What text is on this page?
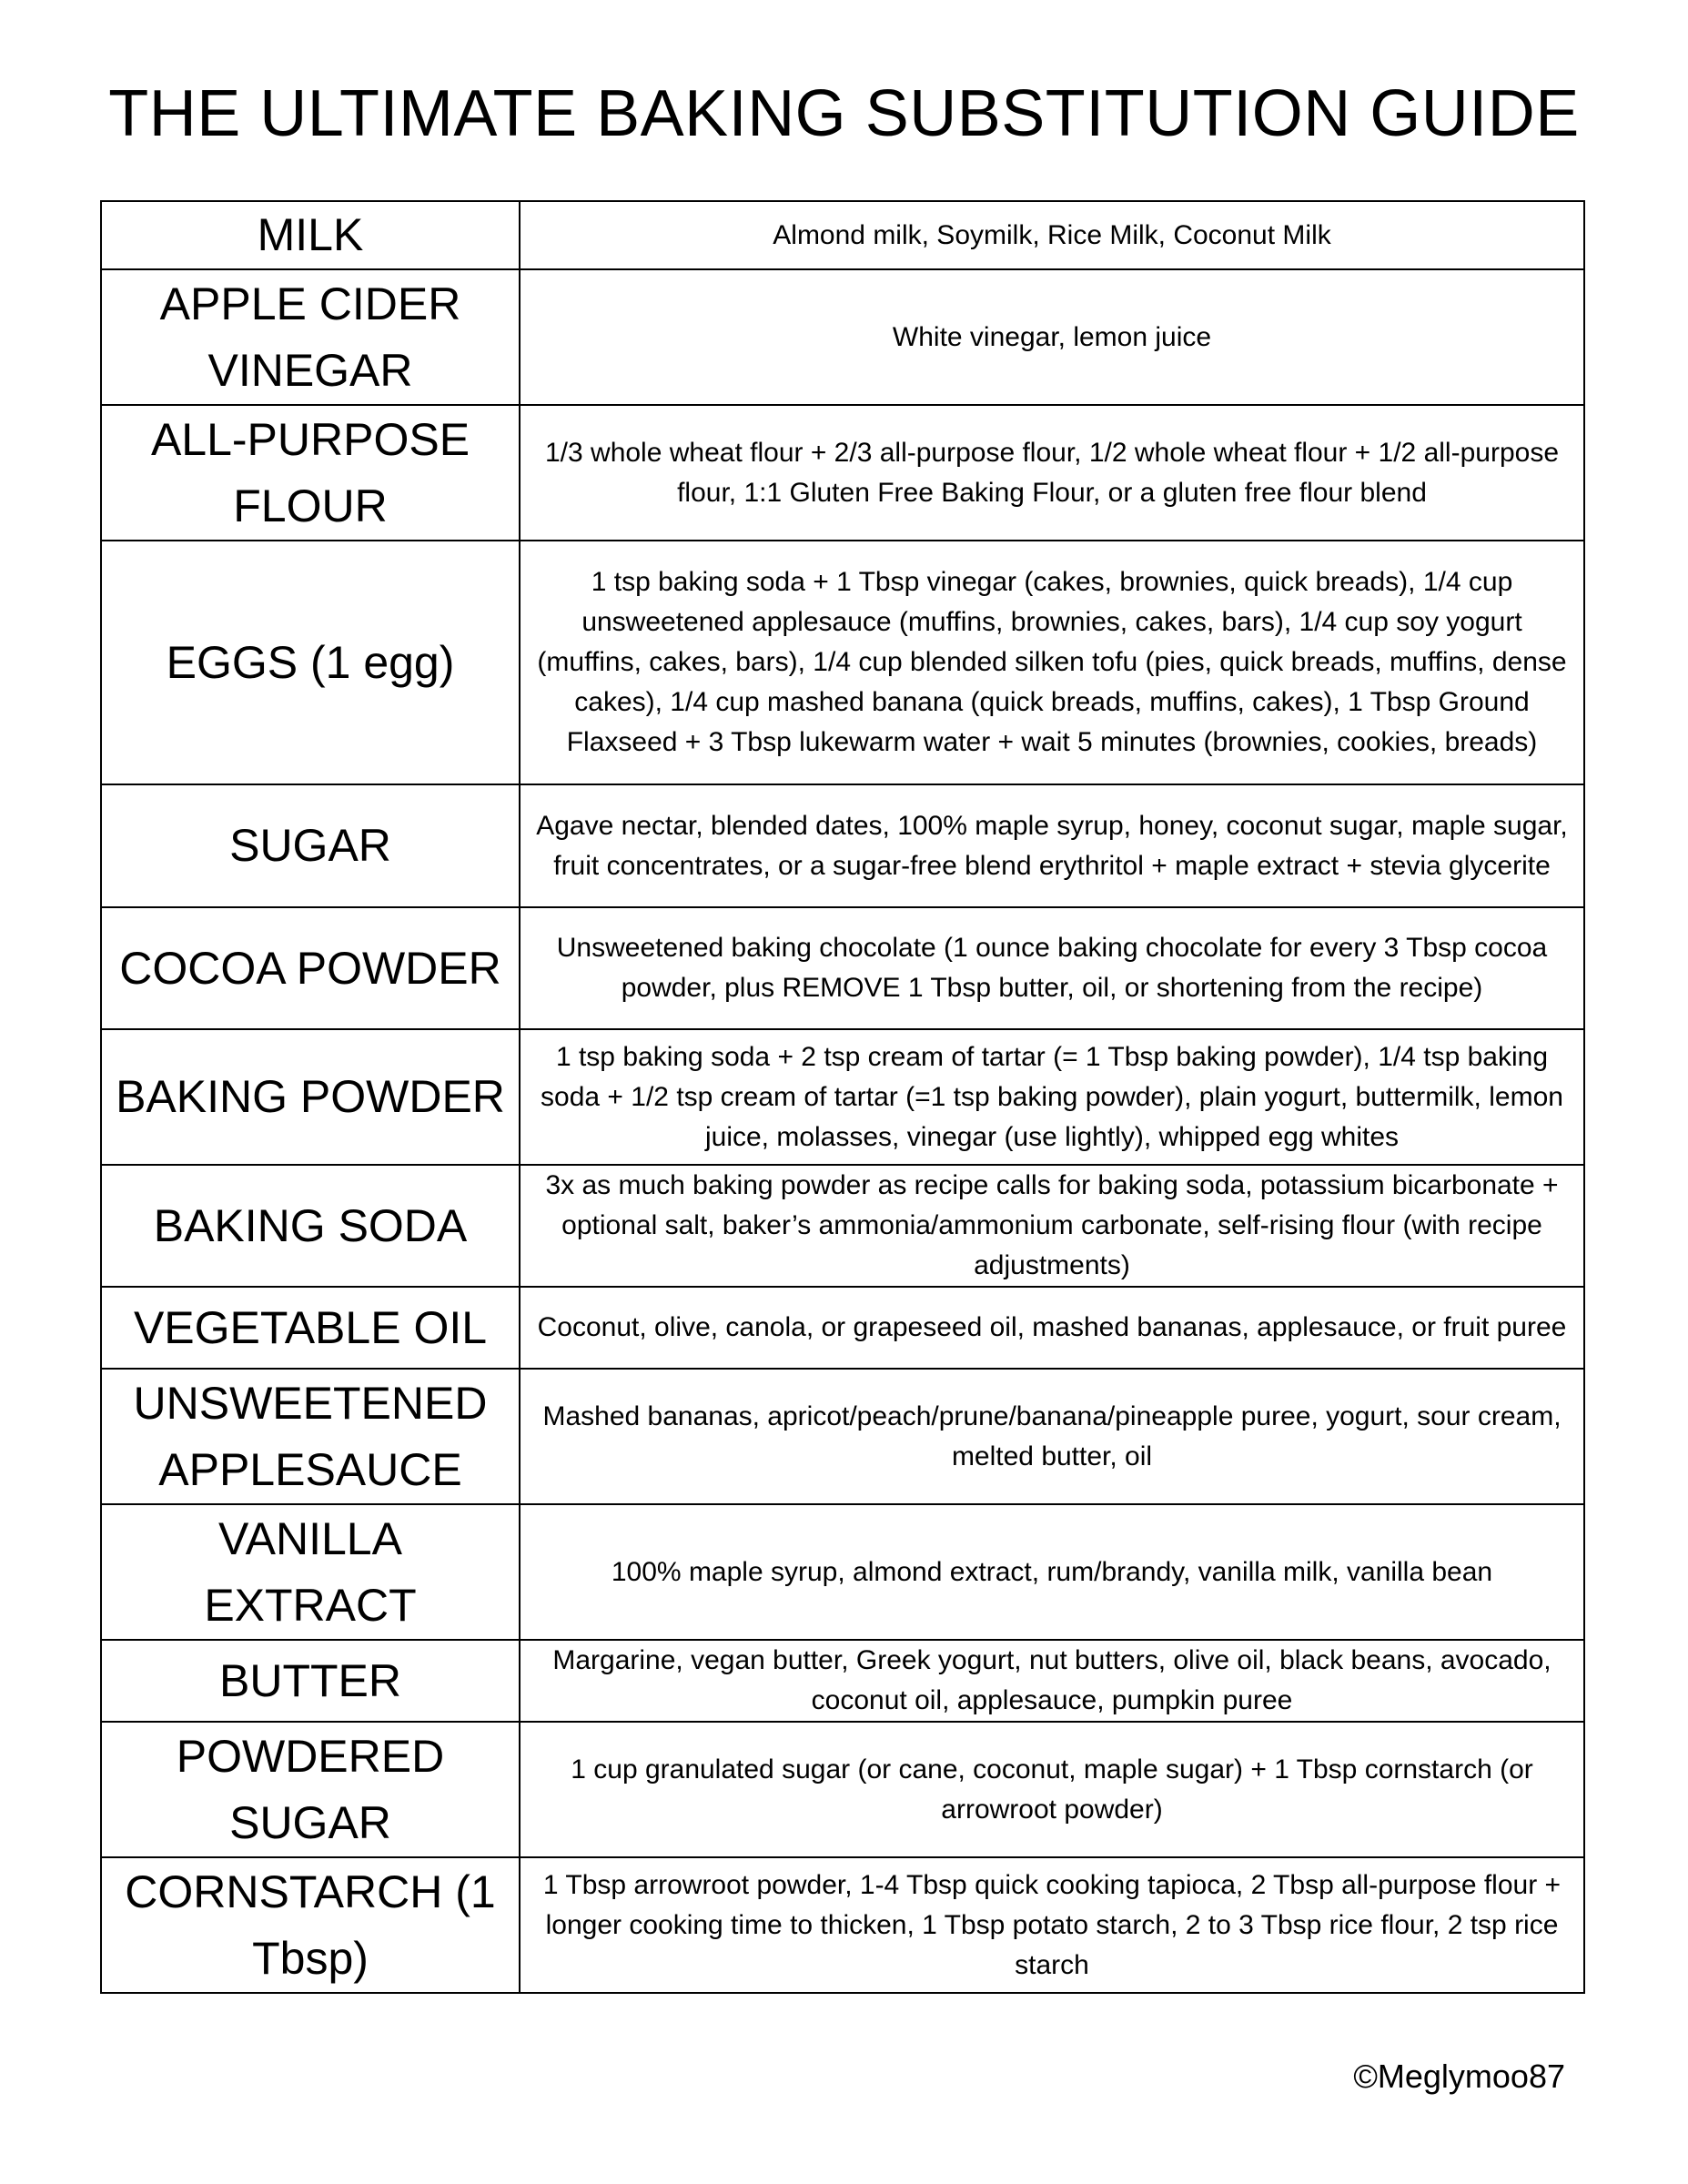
THE ULTIMATE BAKING SUBSTITUTION GUIDE
MILK	Almond milk, Soymilk, Rice Milk, Coconut Milk
APPLE CIDER VINEGAR	White vinegar, lemon juice
ALL-PURPOSE FLOUR	1/3 whole wheat flour + 2/3 all-purpose flour, 1/2 whole wheat flour + 1/2 all-purpose flour, 1:1 Gluten Free Baking Flour, or a gluten free flour blend
EGGS (1 egg)	1 tsp baking soda + 1 Tbsp vinegar (cakes, brownies, quick breads), 1/4 cup unsweetened applesauce (muffins, brownies, cakes, bars), 1/4 cup soy yogurt (muffins, cakes, bars), 1/4 cup blended silken tofu (pies, quick breads, muffins, dense cakes), 1/4 cup mashed banana (quick breads, muffins, cakes), 1 Tbsp Ground Flaxseed + 3 Tbsp lukewarm water + wait 5 minutes (brownies, cookies, breads)
SUGAR	Agave nectar, blended dates, 100% maple syrup, honey, coconut sugar, maple sugar, fruit concentrates, or a sugar-free blend erythritol + maple extract + stevia glycerite
COCOA POWDER	Unsweetened baking chocolate (1 ounce baking chocolate for every 3 Tbsp cocoa powder, plus REMOVE 1 Tbsp butter, oil, or shortening from the recipe)
BAKING POWDER	1 tsp baking soda + 2 tsp cream of tartar (= 1 Tbsp baking powder), 1/4 tsp baking soda + 1/2 tsp cream of tartar (=1 tsp baking powder), plain yogurt, buttermilk, lemon juice, molasses, vinegar (use lightly), whipped egg whites
BAKING SODA	3x as much baking powder as recipe calls for baking soda, potassium bicarbonate + optional salt, baker’s ammonia/ammonium carbonate, self-rising flour (with recipe adjustments)
VEGETABLE OIL	Coconut, olive, canola, or grapeseed oil, mashed bananas, applesauce, or fruit puree
UNSWEETENED APPLESAUCE	Mashed bananas, apricot/peach/prune/banana/pineapple puree, yogurt, sour cream, melted butter, oil
VANILLA EXTRACT	100% maple syrup, almond extract, rum/brandy, vanilla milk, vanilla bean
BUTTER	Margarine, vegan butter, Greek yogurt, nut butters, olive oil, black beans, avocado, coconut oil, applesauce, pumpkin puree
POWDERED SUGAR	1 cup granulated sugar (or cane, coconut, maple sugar) + 1 Tbsp cornstarch (or arrowroot powder)
CORNSTARCH (1 Tbsp)	1 Tbsp arrowroot powder, 1-4 Tbsp quick cooking tapioca, 2 Tbsp all-purpose flour + longer cooking time to thicken, 1 Tbsp potato starch, 2 to 3 Tbsp rice flour, 2 tsp rice starch
©Meglymoo87
